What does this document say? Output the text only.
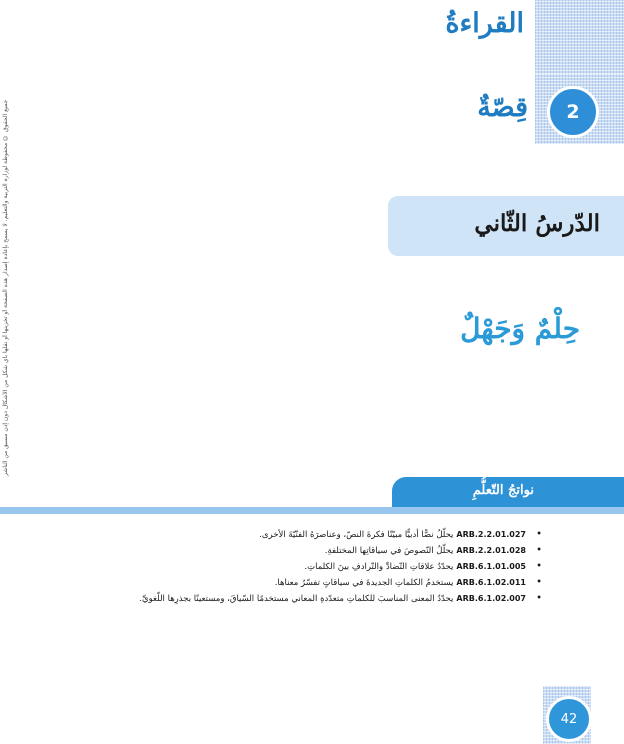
القراءةُ
جميع الحقوق © محفوظة لوزارة التربية والتعليم. لا يسمح بإعادة إصدار هذه الصفحة أو تخزينها أو نقلها بأي شكل من الأشكال دون إذن مسبق من الناشر	2
قِصّةٌ
الدّرسُ الثّاني
حِلْمٌ وَجَهْلٌ
نواتجُ التّعلُّمِ
• ARB.2.2.01.027يحلّلُ نصًّا أدبيًّا مبيّنًا فكرةَ النصّ، وعناصرَهُ الفنّيّةَ الأخرى.
• ARB.2.2.01.028يحلّلُ النّصوصَ في سياقاتِها المختلفةِ.
• ARB.6.1.01.005يحدّدُ علاقاتِ التّضادِّ والتّرادفِ بينَ الكلماتِ.
• ARB.6.1.02.011يستخدمُ الكلماتِ الجديدةَ في سياقاتٍ تفسّرُ معناها.
• ARB.6.1.02.007يحدّدُ المعنى المناسبَ للكلماتِ متعدّدةِ المعاني مستخدمًا السّياقَ، ومستعينًا بجذرِها اللّغويِّ.
42
